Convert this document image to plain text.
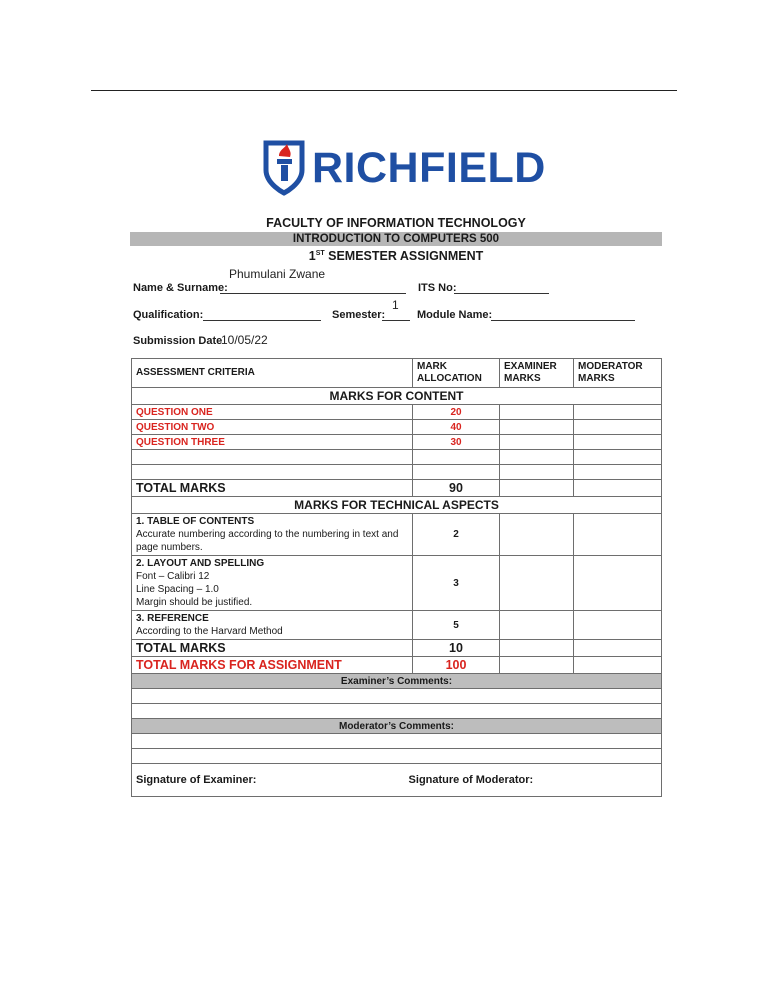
RICHFIELD
FACULTY OF INFORMATION TECHNOLOGY
INTRODUCTION TO COMPUTERS 500
1ST SEMESTER ASSIGNMENT
Name & Surname:
Phumulani Zwane
ITS No:
Qualification:	Semester:
1
Module Name:
Submission Date
10/05/22
ASSESSMENT CRITERIA	MARK ALLOCATION	EXAMINER MARKS	MODERATOR MARKS
MARKS FOR CONTENT			
QUESTION ONE	20		
QUESTION TWO	40		
QUESTION THREE	30		

TOTAL MARKS	90		
MARKS FOR TECHNICAL ASPECTS			

1. TABLE OF CONTENTS
Accurate numbering according to the numbering in text and page numbers.	2		

2. LAYOUT AND SPELLING
Font – Calibri 12
Line Spacing – 1.0
Margin should be justified.	3		

3. REFERENCE
According to the Harvard Method	5		
TOTAL MARKS	10		
TOTAL MARKS FOR ASSIGNMENT	100		
Examiner’s Comments:			

Moderator’s Comments:			

Signature of Examiner: Signature of Moderator:			
